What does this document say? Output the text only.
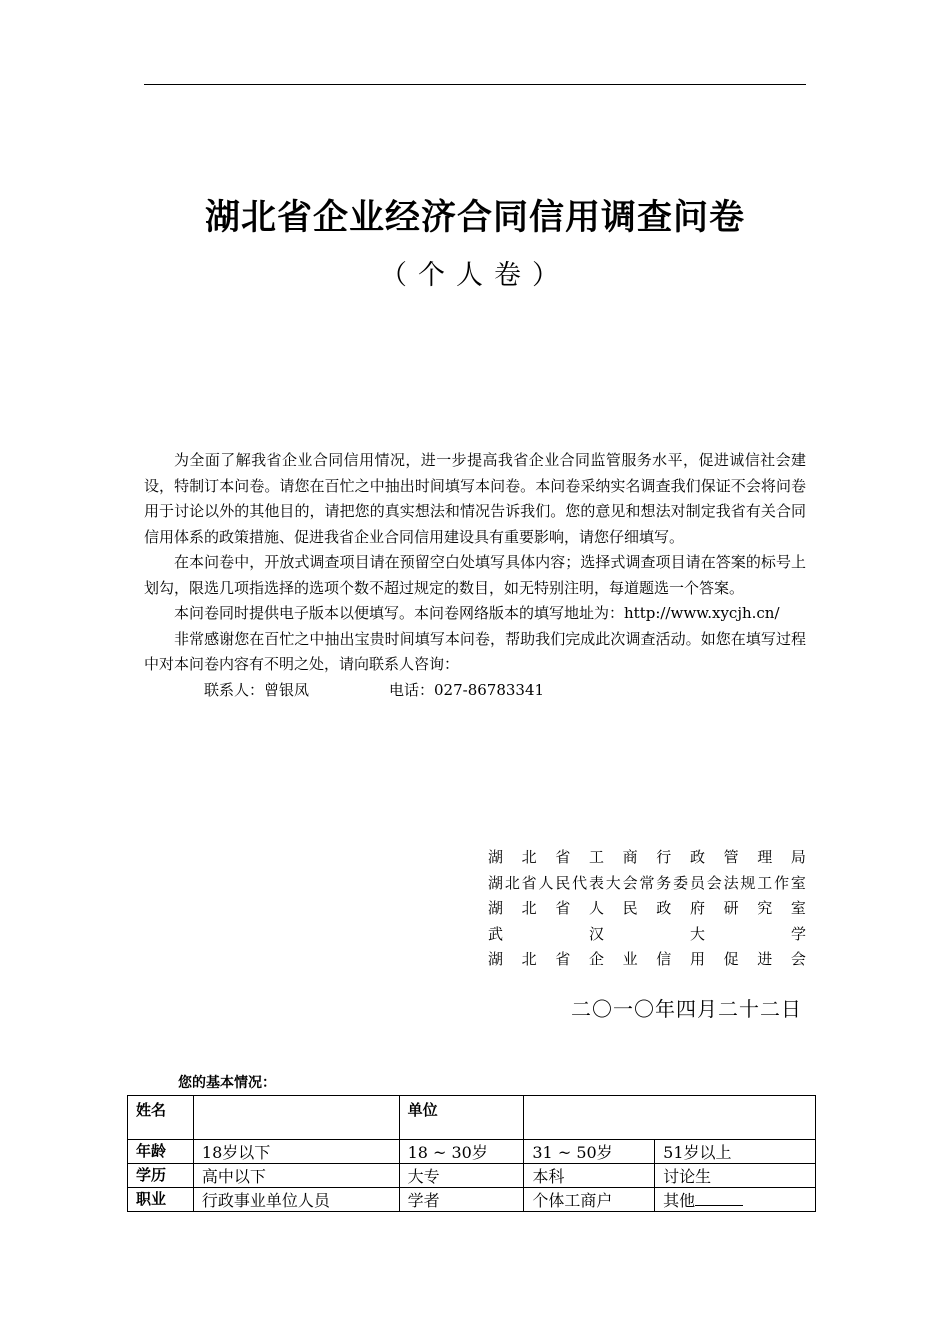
湖北省企业经济合同信用调查问卷
（个人卷）

为全面了解我省企业合同信用情况，进一步提高我省企业合同监管服务水平，促进诚信社会建设，特制订本问卷。请您在百忙之中抽出时间填写本问卷。本问卷采纳实名调查我们保证不会将问卷用于讨论以外的其他目的，请把您的真实想法和情况告诉我们。您的意见和想法对制定我省有关合同信用体系的政策措施、促进我省企业合同信用建设具有重要影响，请您仔细填写。

在本问卷中，开放式调查项目请在预留空白处填写具体内容；选择式调查项目请在答案的标号上划勾，限选几项指选择的选项个数不超过规定的数目，如无特别注明，每道题选一个答案。

本问卷同时提供电子版本以便填写。本问卷网络版本的填写地址为：http://www.xycjh.cn/

非常感谢您在百忙之中抽出宝贵时间填写本问卷，帮助我们完成此次调查活动。如您在填写过程中对本问卷内容有不明之处，请向联系人咨询：

联系人：曾银凤	电话：027-86783341

湖 北 省 工 商 行 政 管 理 局
湖 北 省 人 民 代 表 大 会 常 务 委 员 会 法 规 工 作 室
湖 北 省 人 民 政 府 研 究 室
武	汉	大	学
湖 北 省 企 业 信 用 促 进 会
二〇一〇年四月二十二日
您的基本情况：
姓名		单位		
年龄	18岁以下	18 ~ 30岁	31 ~ 50岁	51岁以上
学历	高中以下	大专	本科	讨论生
职业	行政事业单位人员	学者	个体工商户	其他
